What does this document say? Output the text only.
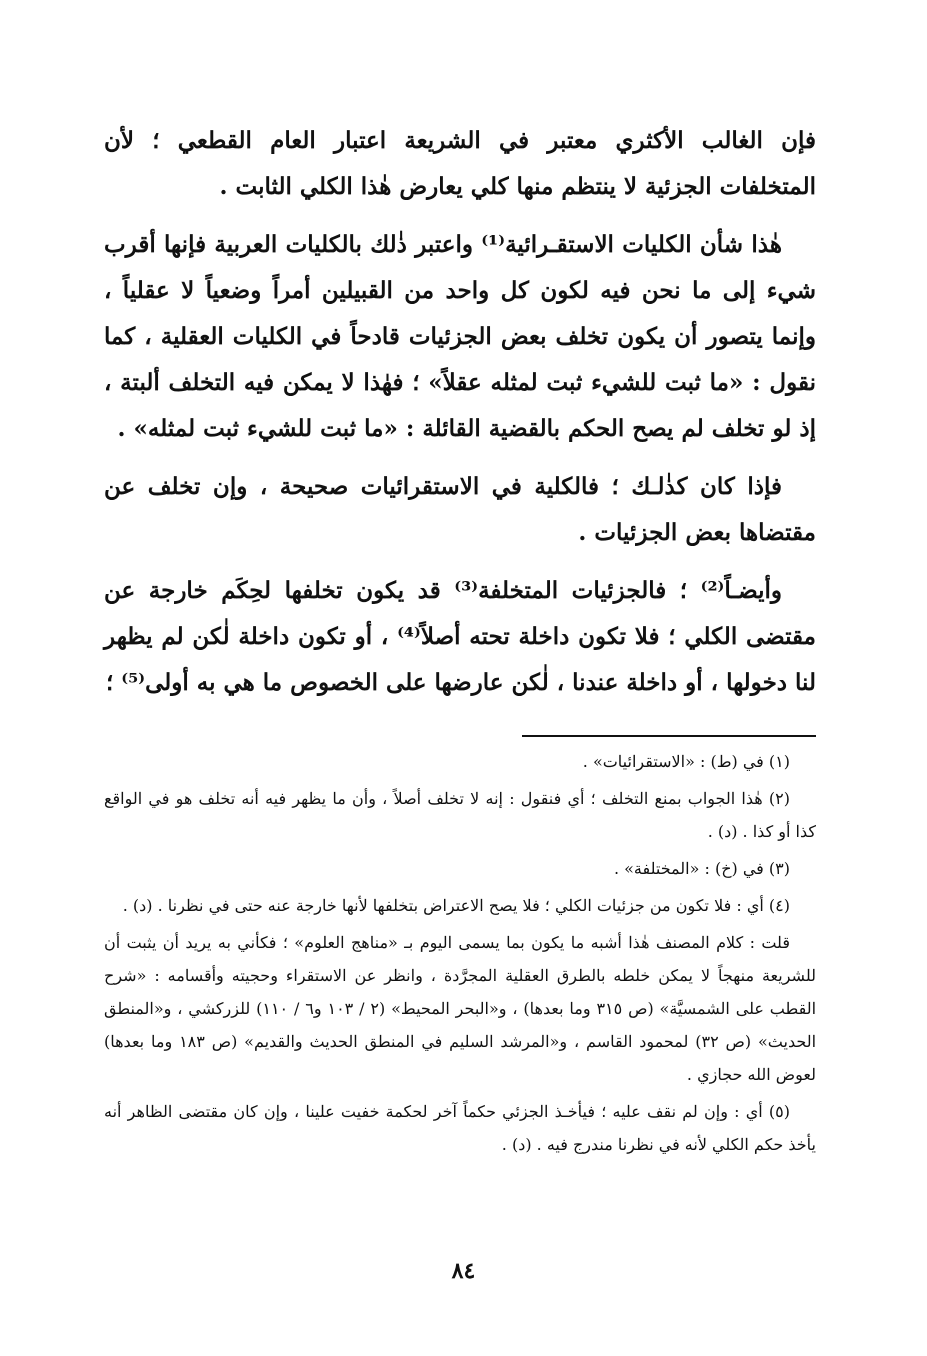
فإن الغالب الأكثري معتبر في الشريعة اعتبار العام القطعي ؛ لأن المتخلفات الجزئية لا ينتظم منها كلي يعارض هٰذا الكلي الثابت .

هٰذا شأن الكليات الاستقـرائية⁽¹⁾ واعتبر ذٰلك بالكليات العربية فإنها أقرب شيء إلى ما نحن فيه لكون كل واحد من القبيلين أمراً وضعياً لا عقلياً ، وإنما يتصور أن يكون تخلف بعض الجزئيات قادحاً في الكليات العقلية ، كما نقول : «ما ثبت للشيء ثبت لمثله عقلاً» ؛ فهٰذا لا يمكن فيه التخلف ألبتة ، إذ لو تخلف لم يصح الحكم بالقضية القائلة : «ما ثبت للشيء ثبت لمثله» .

فإذا كان كذٰلـك ؛ فالكلية في الاستقرائيات صحيحة ، وإن تخلف عن مقتضاها بعض الجزئيات .

وأيضـاً⁽²⁾ ؛ فالجزئيات المتخلفة⁽³⁾ قد يكون تخلفها لحِكَم خارجة عن مقتضى الكلي ؛ فلا تكون داخلة تحته أصلاً⁽⁴⁾ ، أو تكون داخلة لٰكن لم يظهر لنا دخولها ، أو داخلة عندنا ، لٰكن عارضها على الخصوص ما هي به أولى⁽⁵⁾ ؛

(١) في (ط) : «الاستقرائيات» .

(٢) هٰذا الجواب بمنع التخلف ؛ أي فنقول : إنه لا تخلف أصلاً ، وأن ما يظهر فيه أنه تخلف هو في الواقع كذا أو كذا . (د) .

(٣) في (خ) : «المختلفة» .

(٤) أي : فلا تكون من جزئيات الكلي ؛ فلا يصح الاعتراض بتخلفها لأنها خارجة عنه حتى في نظرنا . (د) .

قلت : كلام المصنف هٰذا أشبه ما يكون بما يسمى اليوم بـ «مناهج العلوم» ؛ فكأني به يريد أن يثبت أن للشريعة منهجاً لا يمكن خلطه بالطرق العقلية المجرَّدة ، وانظر عن الاستقراء وحجيته وأقسامه : «شرح القطب على الشمسيَّة» (ص ٣١٥ وما بعدها) ، و«البحر المحيط» (٢ / ١٠٣ و٦ / ١١٠) للزركشي ، و«المنطق الحديث» (ص ٣٢) لمحمود القاسم ، و«المرشد السليم في المنطق الحديث والقديم» (ص ١٨٣ وما بعدها) لعوض الله حجازي .

(٥) أي : وإن لم نقف عليه ؛ فيأخـذ الجزئي حكماً آخر لحكمة خفيت علينا ، وإن كان مقتضى الظاهر أنه يأخذ حكم الكلي لأنه في نظرنا مندرج فيه . (د) .

٨٤
